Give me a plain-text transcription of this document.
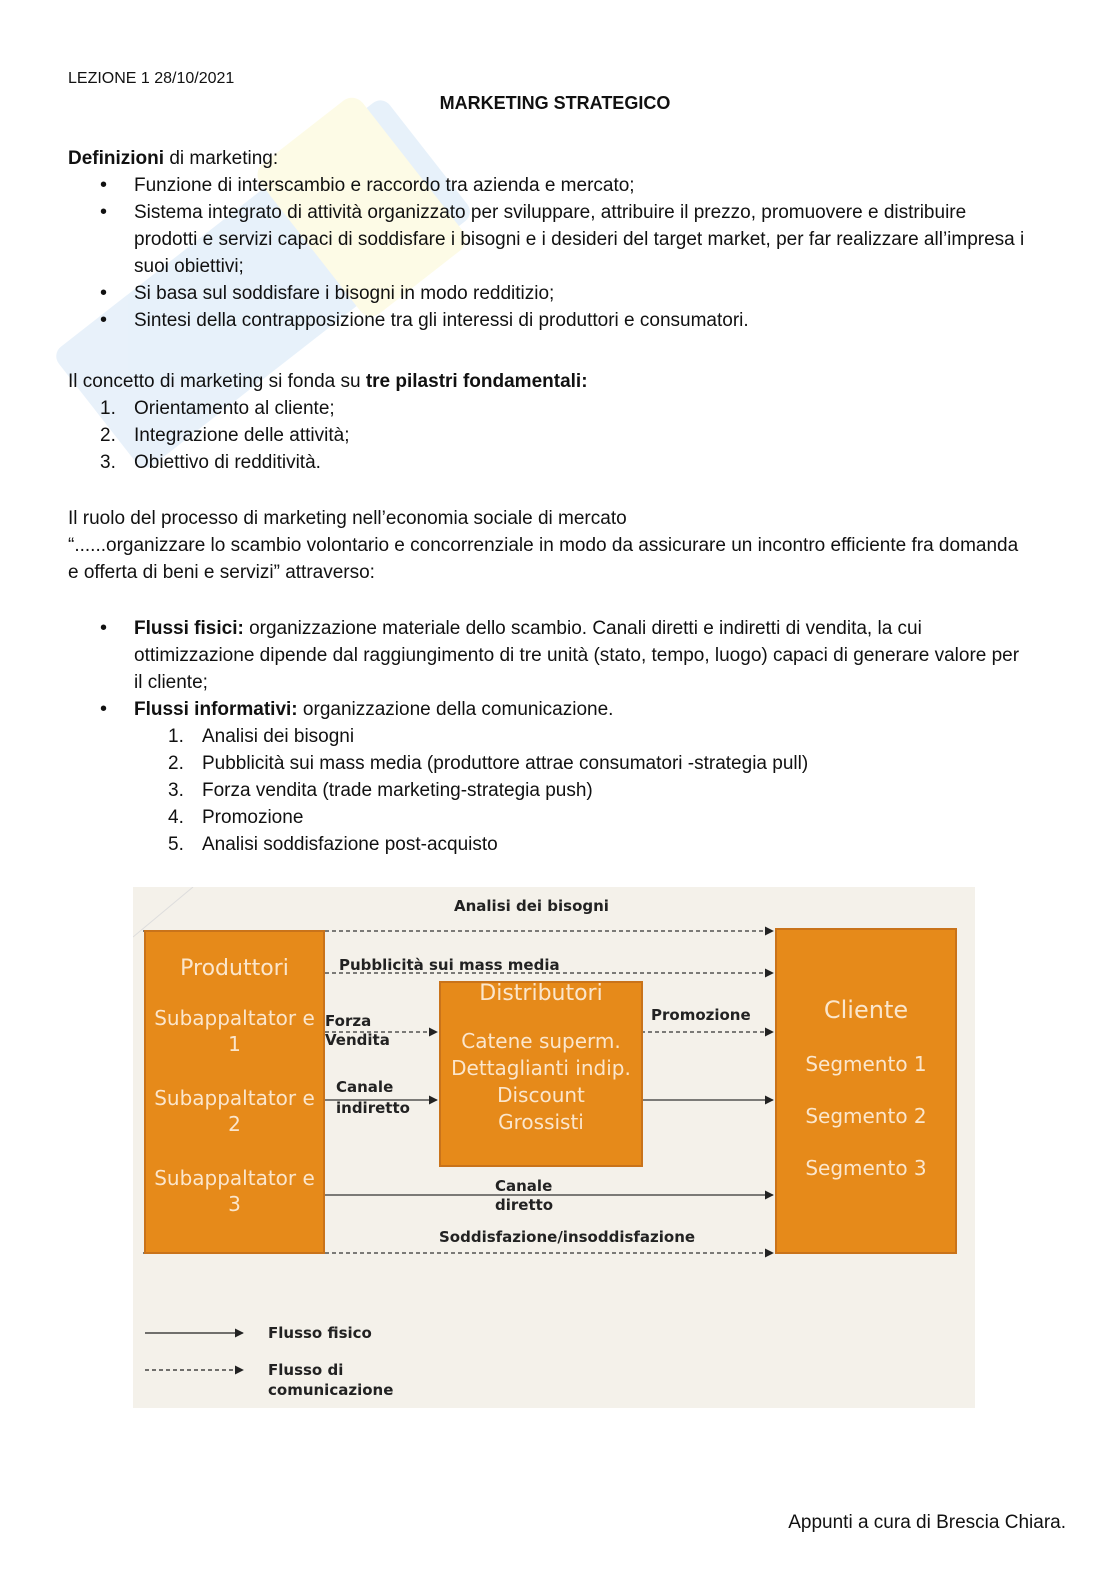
LEZIONE 1 28/10/2021
MARKETING STRATEGICO

Definizioni di marketing:

• Funzione di interscambio e raccordo tra azienda e mercato;
• Sistema integrato di attività organizzato per sviluppare, attribuire il prezzo, promuovere e distribuire prodotti e servizi capaci di soddisfare i bisogni e i desideri del target market, per far realizzare all’impresa i suoi obiettivi;
• Si basa sul soddisfare i bisogni in modo redditizio;
• Sintesi della contrapposizione tra gli interessi di produttori e consumatori.

Il concetto di marketing si fonda su tre pilastri fondamentali:

1. Orientamento al cliente;
2. Integrazione delle attività;
3. Obiettivo di redditività.

Il ruolo del processo di marketing nell’economia sociale di mercato

“......organizzare lo scambio volontario e concorrenziale in modo da assicurare un incontro efficiente fra domanda e offerta di beni e servizi” attraverso:

• Flussi fisici: organizzazione materiale dello scambio. Canali diretti e indiretti di vendita, la cui ottimizzazione dipende dal raggiungimento di tre unità (stato, tempo, luogo) capaci di generare valore per il cliente;
• Flussi informativi: organizzazione della comunicazione.
1. Analisi dei bisogni
2. Pubblicità sui mass media (produttore attrae consumatori -strategia pull)
3. Forza vendita (trade marketing-strategia push)
4. Promozione
5. Analisi soddisfazione post-acquisto
Produttori
Subappaltator e 1
Subappaltator e 2
Subappaltator e 3
Distributori
Catene superm.
Dettaglianti indip.
Discount
Grossisti
Cliente
Segmento 1
Segmento 2
Segmento 3
Analisi dei bisogni
Pubblicità sui mass media
Forza
Vendita
Canale
indiretto
Promozione
Canale
diretto
Soddisfazione/insoddisfazione
Flusso fisico
Flusso di
comunicazione
Appunti a cura di Brescia Chiara.
